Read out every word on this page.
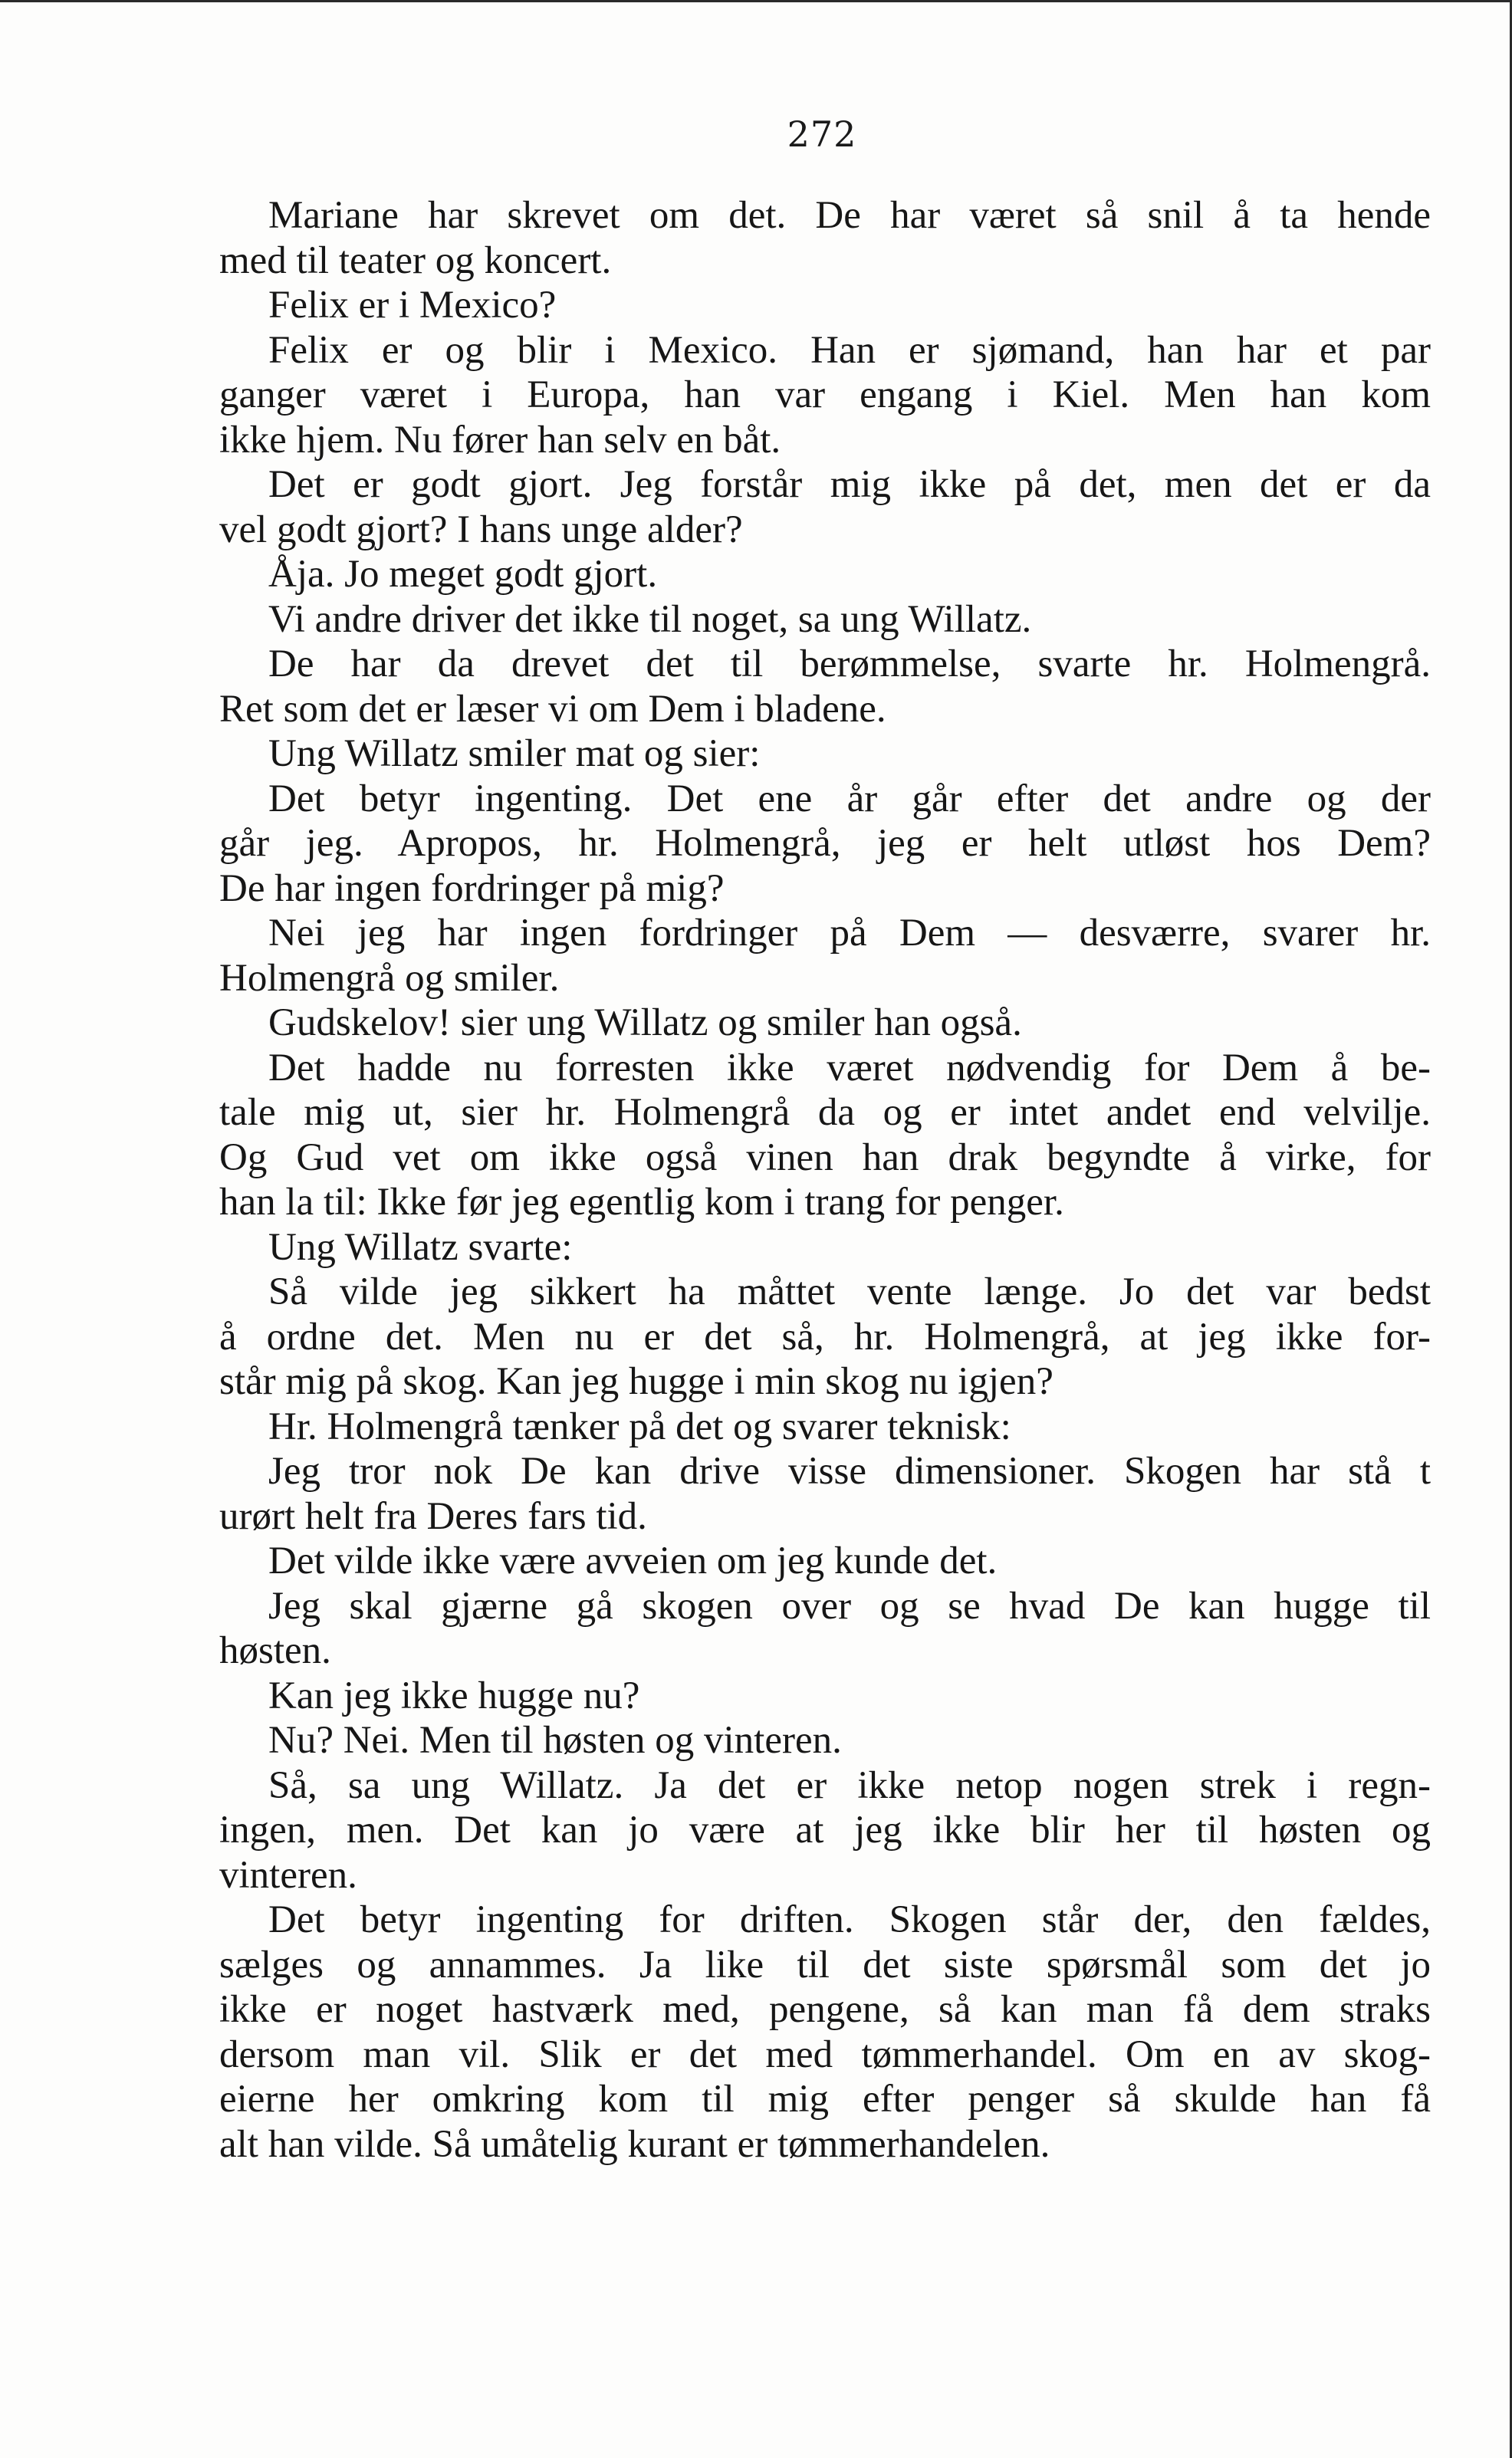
272
Mariane har skrevet om det. De har været så snil å ta hende
med til teater og koncert.
Felix er i Mexico?
Felix er og blir i Mexico. Han er sjømand, han har et par
ganger været i Europa, han var engang i Kiel. Men han kom
ikke hjem. Nu fører han selv en båt.
Det er godt gjort. Jeg forstår mig ikke på det, men det er da
vel godt gjort? I hans unge alder?
Åja. Jo meget godt gjort.
Vi andre driver det ikke til noget, sa ung Willatz.
De har da drevet det til berømmelse, svarte hr. Holmengrå.
Ret som det er læser vi om Dem i bladene.
Ung Willatz smiler mat og sier:
Det betyr ingenting. Det ene år går efter det andre og der
går jeg. Apropos, hr. Holmengrå, jeg er helt utløst hos Dem?
De har ingen fordringer på mig?
Nei jeg har ingen fordringer på Dem — desværre, svarer hr.
Holmengrå og smiler.
Gudskelov! sier ung Willatz og smiler han også.
Det hadde nu forresten ikke været nødvendig for Dem å be-
tale mig ut, sier hr. Holmengrå da og er intet andet end velvilje.
Og Gud vet om ikke også vinen han drak begyndte å virke, for
han la til: Ikke før jeg egentlig kom i trang for penger.
Ung Willatz svarte:
Så vilde jeg sikkert ha måttet vente længe. Jo det var bedst
å ordne det. Men nu er det så, hr. Holmengrå, at jeg ikke for-
står mig på skog. Kan jeg hugge i min skog nu igjen?
Hr. Holmengrå tænker på det og svarer teknisk:
Jeg tror nok De kan drive visse dimensioner. Skogen har stå t
urørt helt fra Deres fars tid.
Det vilde ikke være avveien om jeg kunde det.
Jeg skal gjærne gå skogen over og se hvad De kan hugge til
høsten.
Kan jeg ikke hugge nu?
Nu? Nei. Men til høsten og vinteren.
Så, sa ung Willatz. Ja det er ikke netop nogen strek i regn-
ingen, men. Det kan jo være at jeg ikke blir her til høsten og
vinteren.
Det betyr ingenting for driften. Skogen står der, den fældes,
sælges og annammes. Ja like til det siste spørsmål som det jo
ikke er noget hastværk med, pengene, så kan man få dem straks
dersom man vil. Slik er det med tømmerhandel. Om en av skog-
eierne her omkring kom til mig efter penger så skulde han få
alt han vilde. Så umåtelig kurant er tømmerhandelen.
